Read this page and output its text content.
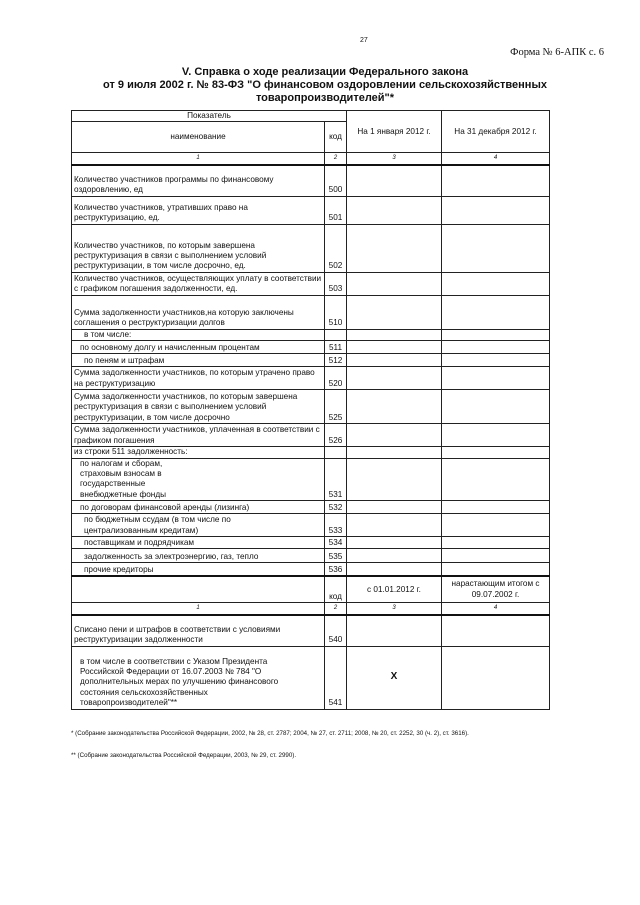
27
Форма № 6-АПК с. 6
V. Справка о ходе реализации Федерального закона
от 9 июля 2002 г. № 83-ФЗ "О финансовом оздоровлении сельскохозяйственных
товаропроизводителей"*
Показатель		На 1 января 2012 г.	На 31 декабря 2012 г.
наименование	код		
1	2	3	4
Количество участников программы по финансовому оздоровлению, ед	500		
Количество участников, утративших право на реструктуризацию, ед.	501		
Количество участников, по которым завершена реструктуризация в связи с выполнением условий реструктуризации, в том числе досрочно, ед.	502		
Количество участников, осуществляющих уплату в соответствии с графиком погашения задолженности, ед.	503		
Сумма задолженности участников,на которую заключены соглашения о реструктуризации долгов	510		
в том числе:			
по основному долгу и начисленным процентам	511		
по пеням и штрафам	512		
Сумма задолженности участников, по которым утрачено право на реструктуризацию	520		
Сумма задолженности участников, по которым завершена реструктуризация в связи с выполнением условий реструктуризации, в том числе досрочно	525		
Сумма задолженности участников, уплаченная в соответствии с графиком погашения	526		
из строки 511 задолженность:			
по налогам и сборам, страховым взносам в государственные внебюджетные фонды	531		
по договорам финансовой аренды (лизинга)	532		
по бюджетным ссудам (в том числе по централизованным кредитам)	533		
поставщикам и подрядчикам	534		
задолженность за электроэнергию, газ, тепло	535		
прочие кредиторы	536		
	код	с 01.01.2012 г.	нарастающим итогом с 09.07.2002 г.
1	2	3	4
Списано пени и штрафов в соответствии с условиями реструктуризации задолженности	540		
в том числе в соответствии с Указом Президента Российской Федерации от 16.07.2003 № 784 "О дополнительных мерах по улучшению финансового состояния сельскохозяйственных товаропроизводителей"**	541	X	
* (Собрание законодательства Российской Федерации, 2002, № 28, ст. 2787; 2004, № 27, ст. 2711; 2008, № 20, ст. 2252, 30 (ч. 2), ст. 3616).
** (Собрание законодательства Российской Федерации, 2003, № 29, ст. 2990).
